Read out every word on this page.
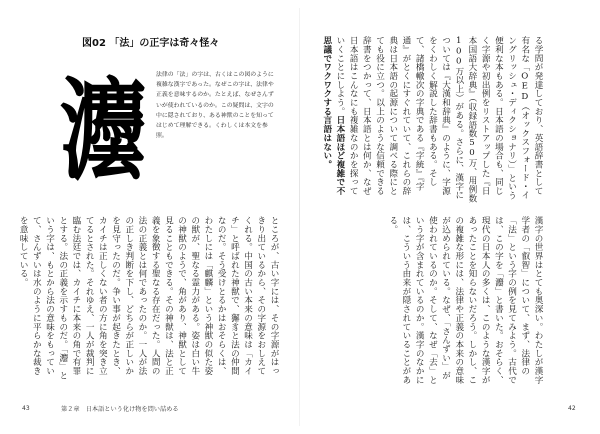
図02 「法」の正字は奇々怪々
灋	法律の「法」の字は、古くはこの図のように複雑な漢字であった。なぜこの字は、法律や正義を意味するのか。たとえば、なぜさんずいが使われているのか。この疑問は、文字の中に隠されており、ある神獣のことを知ってはじめて理解できる。くわしくは本文を参照。
ところが、古い字には、その字源がはっきり出ているから、その字源をおしえてくれる。中国の古い本来の意味は「カイチ」と呼ばれた神獣で、獬豸と法の仲間なのだ。そう受けとるかはおそらくは、わたしには「麒麟」という神獣の似た姿の獣が、聖なる霊力がある。姿は白い牛の神獣のようで、角があり、神獣として見ることもできる。その神獣は、法と正義を象徴する聖なる存在だった。人間の法の正義とは何であったのか。一人が法の正しき判断を下し、どちらが正しいかを見守ったのだ。争い事が起きたとき、カイチは正しくない者の方に角を突き立てるとされた。それゆえ、一人が裁判に臨む法廷では、カイチに本来の角で有罪とする。法の正義を示すものだ。「灋」という字は、もとから法の意味をもっていて、さんずいは水のように平らかな裁きを意味している。
る学問が発達しており、英語辞書として有名な「OED（オックスフォード・イングリッシュ・ディクショナリ）」という便利な本もある。日本語の場合も、同じく字源や初出例をリストアップした『日本国語大辞典』（収録語数50万、用例数100万以上）がある。さらに、漢字については『大漢和辞典』のように、字源をくわしく解説した辞書もある。そして、諸橋轍次の字典である『字統』『字通』がとくにすぐれていて、これらの辞典は日本語の起源について調べる際にとても役に立つ。以上のような信頼できる辞書をつかって、日本語とは何か、なぜ日本語はこんなにも複雑なのかを探っていくことにしよう。日本語ほど複雑で不思議でワクワクする言語はない。
漢字の世界はとても奥深い。わたしが漢字学者の「叡智」について、まず、法律の「法」という字の例を見てみよう。古代では、この字を「灋」と書いた。おそらく、現代の日本人の多くは、このような漢字があったことを知らないだろう。しかし、この複雑な形には、法律や正義の本来の意味が込められている。なぜ、「さんずい」が使われているのか。そして、なぜ「去」という字が含まれているのか。漢字のなかには、こういう由来が隠されていることがある。
43	第２章　日本語という化け物を問い詰める	42
